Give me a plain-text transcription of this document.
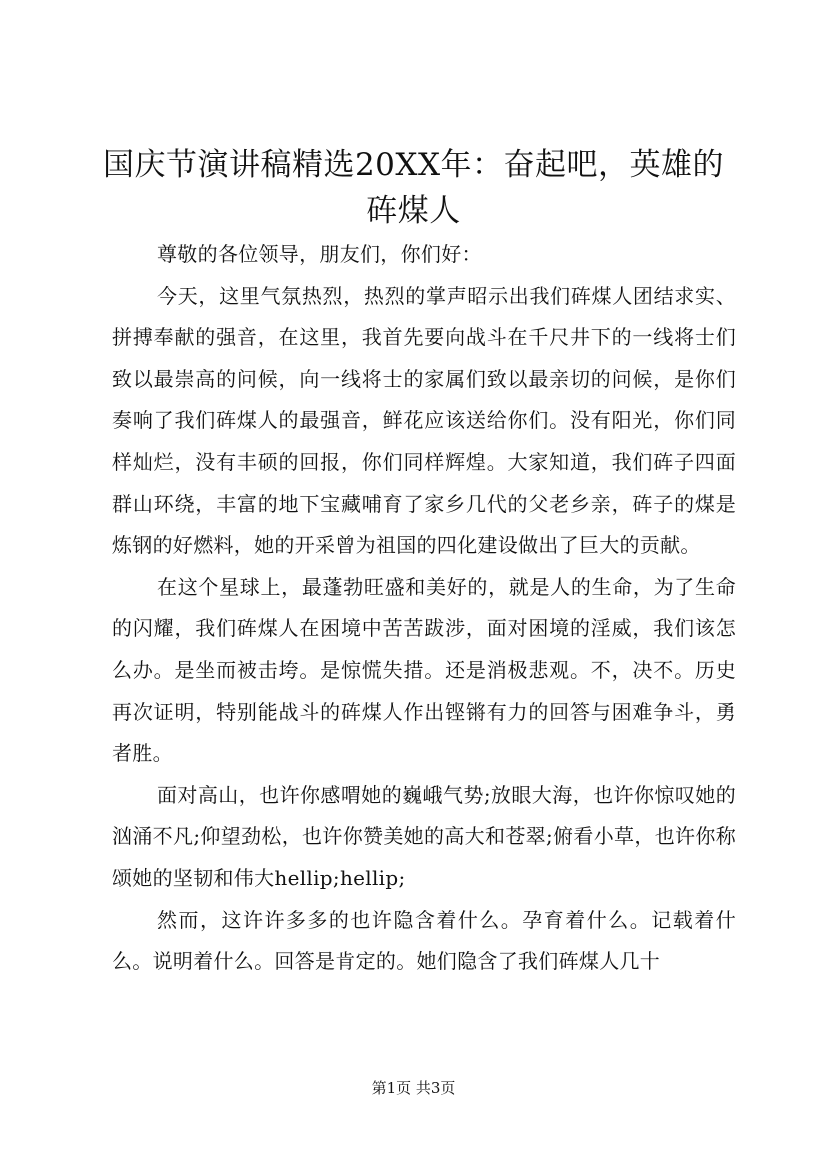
国庆节演讲稿精选20XX年：奋起吧，英雄的砗煤人

尊敬的各位领导，朋友们，你们好：

今天，这里气氛热烈，热烈的掌声昭示出我们砗煤人团结求实、拼搏奉献的强音，在这里，我首先要向战斗在千尺井下的一线将士们致以最崇高的问候，向一线将士的家属们致以最亲切的问候，是你们奏响了我们砗煤人的最强音，鲜花应该送给你们。没有阳光，你们同样灿烂，没有丰硕的回报，你们同样辉煌。大家知道，我们砗子四面群山环绕，丰富的地下宝藏哺育了家乡几代的父老乡亲，砗子的煤是炼钢的好燃料，她的开采曾为祖国的四化建设做出了巨大的贡献。

在这个星球上，最蓬勃旺盛和美好的，就是人的生命，为了生命的闪耀，我们砗煤人在困境中苦苦跋涉，面对困境的淫威，我们该怎么办。是坐而被击垮。是惊慌失措。还是消极悲观。不，决不。历史再次证明，特别能战斗的砗煤人作出铿锵有力的回答与困难争斗，勇者胜。

面对高山，也许你感喟她的巍峨气势;放眼大海，也许你惊叹她的汹涌不凡;仰望劲松，也许你赞美她的高大和苍翠;俯看小草，也许你称颂她的坚韧和伟大hellip;hellip;

然而，这许许多多的也许隐含着什么。孕育着什么。记载着什么。说明着什么。回答是肯定的。她们隐含了我们砗煤人几十

第1页 共3页
